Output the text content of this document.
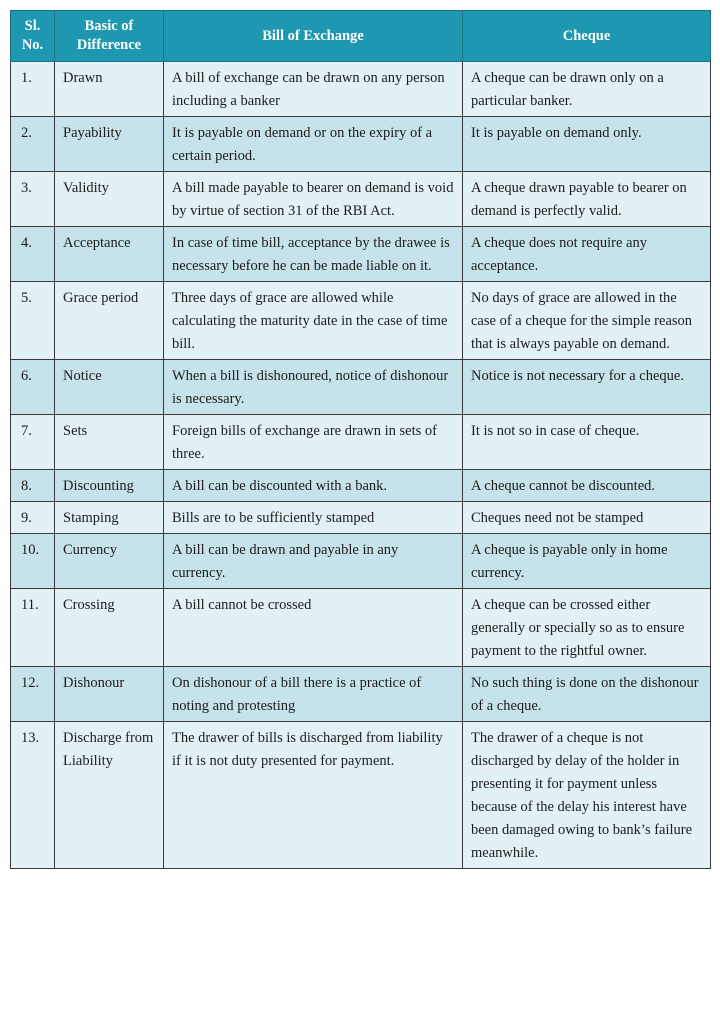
Sl. No.	Basic of Difference	Bill of Exchange	Cheque
1.	Drawn	A bill of exchange can be drawn on any person including a banker	A cheque can be drawn only on a particular banker.
2.	Payability	It is payable on demand or on the expiry of a certain period.	It is payable on demand only.
3.	Validity	A bill made payable to bearer on demand is void by virtue of section 31 of the RBI Act.	A cheque drawn payable to bearer on demand is perfectly valid.
4.	Acceptance	In case of time bill, acceptance by the drawee is necessary before he can be made liable on it.	A cheque does not require any acceptance.
5.	Grace period	Three days of grace are allowed while calculating the maturity date in the case of time bill.	No days of grace are allowed in the case of a cheque for the simple reason that is always payable on demand.
6.	Notice	When a bill is dishonoured, notice of dishonour is necessary.	Notice is not necessary for a cheque.
7.	Sets	Foreign bills of exchange are drawn in sets of three.	It is not so in case of cheque.
8.	Discounting	A bill can be discounted with a bank.	A cheque cannot be discounted.
9.	Stamping	Bills are to be sufficiently stamped	Cheques need not be stamped
10.	Currency	A bill can be drawn and payable in any currency.	A cheque is payable only in home currency.
11.	Crossing	A bill cannot be crossed	A cheque can be crossed either generally or specially so as to ensure payment to the rightful owner.
12.	Dishonour	On dishonour of a bill there is a practice of noting and protesting	No such thing is done on the dishonour of a cheque.
13.	Discharge from Liability	The drawer of bills is discharged from liability if it is not duty presented for payment.	The drawer of a cheque is not discharged by delay of the holder in presenting it for payment unless because of the delay his interest have been damaged owing to bank’s failure meanwhile.
